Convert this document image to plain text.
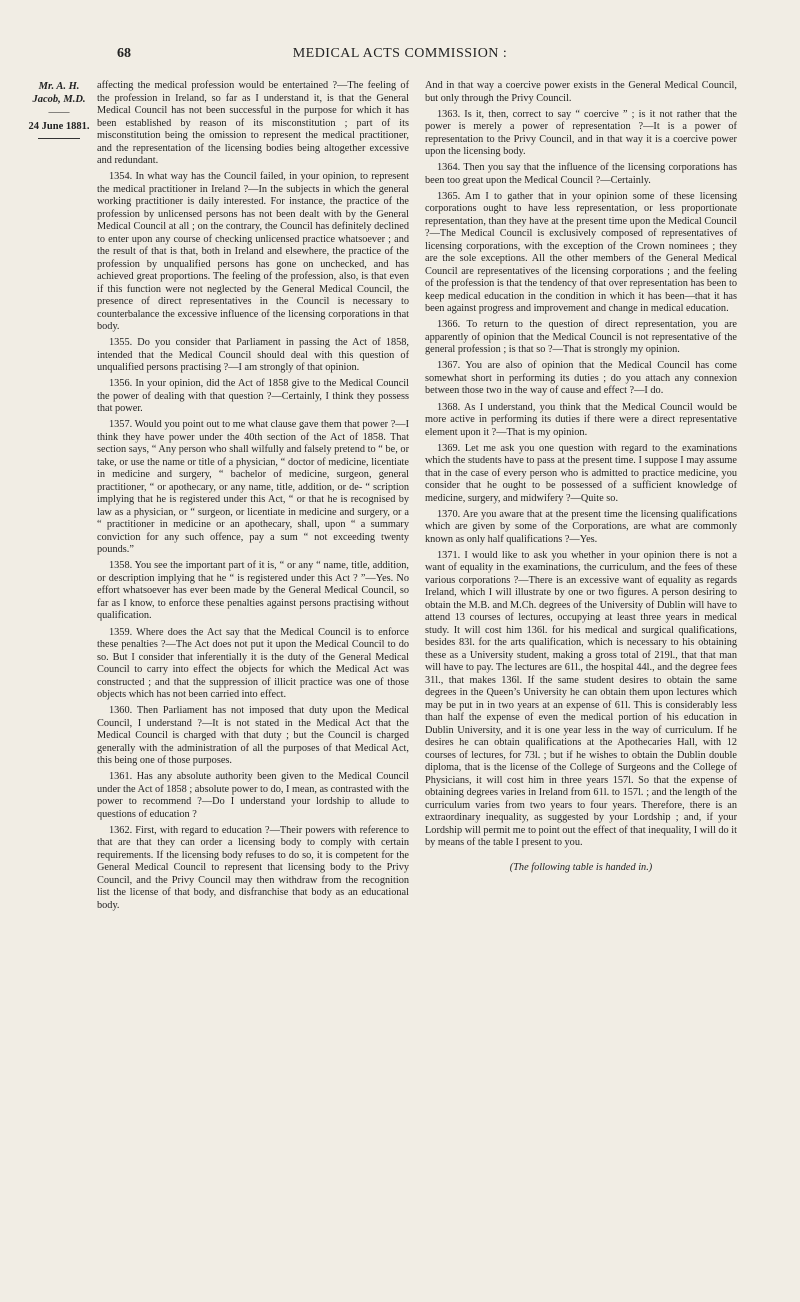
68	MEDICAL ACTS COMMISSION :
Mr. A. H. Jacob, M.D.
——
24 June 1881.

affecting the medical profession would be entertained ?—The feeling of the profession in Ireland, so far as I understand it, is that the General Medical Council has not been successful in the purpose for which it has been established by reason of its misconstitution ; part of its misconstitution being the omission to represent the medical practitioner, and the representation of the licensing bodies being altogether excessive and redundant.

1354. In what way has the Council failed, in your opinion, to represent the medical practitioner in Ireland ?—In the subjects in which the general working practitioner is daily interested. For instance, the practice of the profession by unlicensed persons has not been dealt with by the General Medical Council at all ; on the contrary, the Council has definitely declined to enter upon any course of checking unlicensed practice whatsoever ; and the result of that is that, both in Ireland and elsewhere, the practice of the profession by unqualified persons has gone on unchecked, and has achieved great proportions. The feeling of the profession, also, is that even if this function were not neglected by the General Medical Council, the presence of direct representatives in the Council is necessary to counterbalance the excessive influence of the licensing corporations in that body.

1355. Do you consider that Parliament in passing the Act of 1858, intended that the Medical Council should deal with this question of unqualified persons practising ?—I am strongly of that opinion.

1356. In your opinion, did the Act of 1858 give to the Medical Council the power of dealing with that question ?—Certainly, I think they possess that power.

1357. Would you point out to me what clause gave them that power ?—I think they have power under the 40th section of the Act of 1858. That section says, “ Any person who shall wilfully and falsely pretend to “ be, or take, or use the name or title of a physician, “ doctor of medicine, licentiate in medicine and surgery, “ bachelor of medicine, surgeon, general practitioner, “ or apothecary, or any name, title, addition, or de- “ scription implying that he is registered under this Act, “ or that he is recognised by law as a physician, or “ surgeon, or licentiate in medicine and surgery, or a “ practitioner in medicine or an apothecary, shall, upon “ a summary conviction for any such offence, pay a sum “ not exceeding twenty pounds.”

1358. You see the important part of it is, “ or any “ name, title, addition, or description implying that he “ is registered under this Act ? ”—Yes. No effort whatsoever has ever been made by the General Medical Council, so far as I know, to enforce these penalties against persons practising without qualification.

1359. Where does the Act say that the Medical Council is to enforce these penalties ?—The Act does not put it upon the Medical Council to do so. But I consider that inferentially it is the duty of the General Medical Council to carry into effect the objects for which the Medical Act was constructed ; and that the suppression of illicit practice was one of those objects which has not been carried into effect.

1360. Then Parliament has not imposed that duty upon the Medical Council, I understand ?—It is not stated in the Medical Act that the Medical Council is charged with that duty ; but the Council is charged generally with the administration of all the purposes of that Medical Act, this being one of those purposes.

1361. Has any absolute authority been given to the Medical Council under the Act of 1858 ; absolute power to do, I mean, as contrasted with the power to recommend ?—Do I understand your lordship to allude to questions of education ?

1362. First, with regard to education ?—Their powers with reference to that are that they can order a licensing body to comply with certain requirements. If the licensing body refuses to do so, it is competent for the General Medical Council to represent that licensing body to the Privy Council, and the Privy Council may then withdraw from the recognition list the license of that body, and disfranchise that body as an educational body.

And in that way a coercive power exists in the General Medical Council, but only through the Privy Council.

1363. Is it, then, correct to say “ coercive ” ; is it not rather that the power is merely a power of representation ?—It is a power of representation to the Privy Council, and in that way it is a coercive power upon the licensing body.

1364. Then you say that the influence of the licensing corporations has been too great upon the Medical Council ?—Certainly.

1365. Am I to gather that in your opinion some of these licensing corporations ought to have less representation, or less proportionate representation, than they have at the present time upon the Medical Council ?—The Medical Council is exclusively composed of representatives of licensing corporations, with the exception of the Crown nominees ; they are the sole exceptions. All the other members of the General Medical Council are representatives of the licensing corporations ; and the feeling of the profession is that the tendency of that over representation has been to keep medical education in the condition in which it has been—that it has been against progress and improvement and change in medical education.

1366. To return to the question of direct representation, you are apparently of opinion that the Medical Council is not representative of the general profession ; is that so ?—That is strongly my opinion.

1367. You are also of opinion that the Medical Council has come somewhat short in performing its duties ; do you attach any connexion between those two in the way of cause and effect ?—I do.

1368. As I understand, you think that the Medical Council would be more active in performing its duties if there were a direct representative element upon it ?—That is my opinion.

1369. Let me ask you one question with regard to the examinations which the students have to pass at the present time. I suppose I may assume that in the case of every person who is admitted to practice medicine, you consider that he ought to be possessed of a sufficient knowledge of medicine, surgery, and midwifery ?—Quite so.

1370. Are you aware that at the present time the licensing qualifications which are given by some of the Corporations, are what are commonly known as only half qualifications ?—Yes.

1371. I would like to ask you whether in your opinion there is not a want of equality in the examinations, the curriculum, and the fees of these various corporations ?—There is an excessive want of equality as regards Ireland, which I will illustrate by one or two figures. A person desiring to obtain the M.B. and M.Ch. degrees of the University of Dublin will have to attend 13 courses of lectures, occupying at least three years in medical study. It will cost him 136l. for his medical and surgical qualifications, besides 83l. for the arts qualification, which is necessary to his obtaining these as a University student, making a gross total of 219l., that that man will have to pay. The lectures are 61l., the hospital 44l., and the degree fees 31l., that makes 136l. If the same student desires to obtain the same degrees in the Queen’s University he can obtain them upon lectures which may be put in in two years at an expense of 61l. This is considerably less than half the expense of even the medical portion of his education in Dublin University, and it is one year less in the way of curriculum. If he desires he can obtain qualifications at the Apothecaries Hall, with 12 courses of lectures, for 73l. ; but if he wishes to obtain the Dublin double diploma, that is the license of the College of Surgeons and the College of Physicians, it will cost him in three years 157l. So that the expense of obtaining degrees varies in Ireland from 61l. to 157l. ; and the length of the curriculum varies from two years to four years. Therefore, there is an extraordinary inequality, as suggested by your Lordship ; and, if your Lordship will permit me to point out the effect of that inequality, I will do it by means of the table I present to you.

(The following table is handed in.)
